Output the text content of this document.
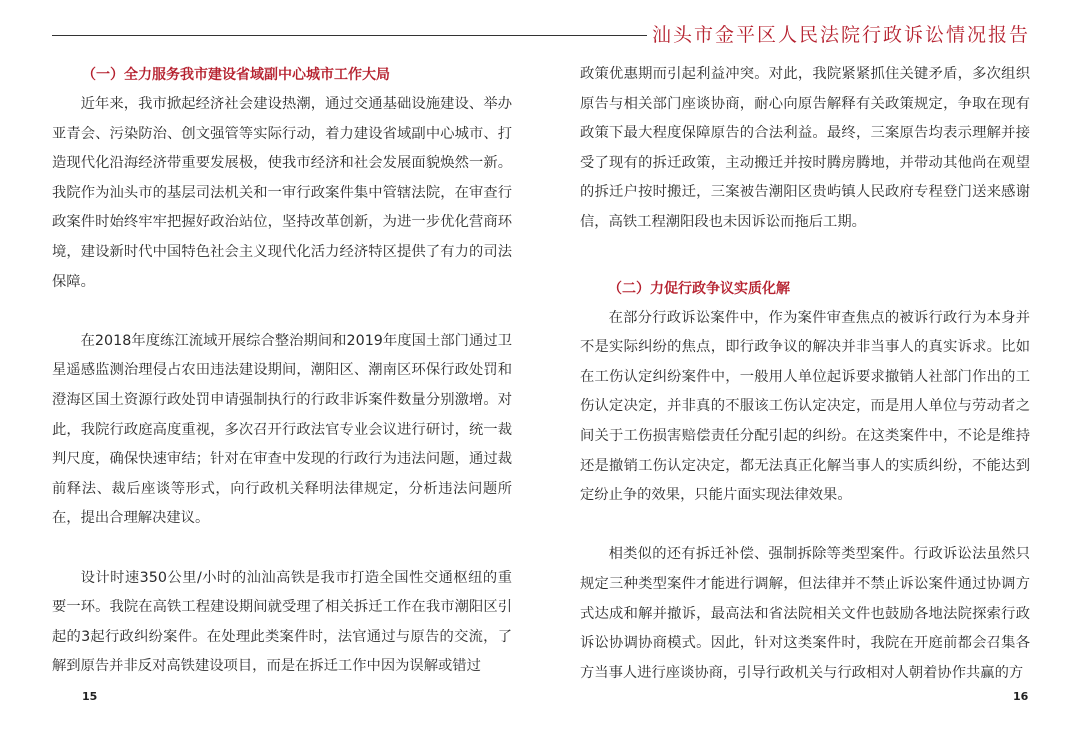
汕头市金平区人民法院行政诉讼情况报告
（一）全力服务我市建设省域副中心城市工作大局

近年来，我市掀起经济社会建设热潮，通过交通基础设施建设、举办亚青会、污染防治、创文强管等实际行动，着力建设省域副中心城市、打造现代化沿海经济带重要发展极，使我市经济和社会发展面貌焕然一新。我院作为汕头市的基层司法机关和一审行政案件集中管辖法院，在审查行政案件时始终牢牢把握好政治站位，坚持改革创新，为进一步优化营商环境，建设新时代中国特色社会主义现代化活力经济特区提供了有力的司法保障。

在2018年度练江流域开展综合整治期间和2019年度国土部门通过卫星遥感监测治理侵占农田违法建设期间，潮阳区、潮南区环保行政处罚和澄海区国土资源行政处罚申请强制执行的行政非诉案件数量分别激增。对此，我院行政庭高度重视，多次召开行政法官专业会议进行研讨，统一裁判尺度，确保快速审结；针对在审查中发现的行政行为违法问题，通过裁前释法、裁后座谈等形式，向行政机关释明法律规定，分析违法问题所在，提出合理解决建议。

设计时速350公里/小时的汕汕高铁是我市打造全国性交通枢纽的重要一环。我院在高铁工程建设期间就受理了相关拆迁工作在我市潮阳区引起的3起行政纠纷案件。在处理此类案件时，法官通过与原告的交流，了解到原告并非反对高铁建设项目，而是在拆迁工作中因为误解或错过

政策优惠期而引起利益冲突。对此，我院紧紧抓住关键矛盾，多次组织原告与相关部门座谈协商，耐心向原告解释有关政策规定，争取在现有政策下最大程度保障原告的合法利益。最终，三案原告均表示理解并接受了现有的拆迁政策，主动搬迁并按时腾房腾地，并带动其他尚在观望的拆迁户按时搬迁，三案被告潮阳区贵屿镇人民政府专程登门送来感谢信，高铁工程潮阳段也未因诉讼而拖后工期。

（二）力促行政争议实质化解

在部分行政诉讼案件中，作为案件审查焦点的被诉行政行为本身并不是实际纠纷的焦点，即行政争议的解决并非当事人的真实诉求。比如在工伤认定纠纷案件中，一般用人单位起诉要求撤销人社部门作出的工伤认定决定，并非真的不服该工伤认定决定，而是用人单位与劳动者之间关于工伤损害赔偿责任分配引起的纠纷。在这类案件中，不论是维持还是撤销工伤认定决定，都无法真正化解当事人的实质纠纷，不能达到定纷止争的效果，只能片面实现法律效果。

相类似的还有拆迁补偿、强制拆除等类型案件。行政诉讼法虽然只规定三种类型案件才能进行调解，但法律并不禁止诉讼案件通过协调方式达成和解并撤诉，最高法和省法院相关文件也鼓励各地法院探索行政诉讼协调协商模式。因此，针对这类案件时，我院在开庭前都会召集各方当事人进行座谈协商，引导行政机关与行政相对人朝着协作共赢的方

15	16
